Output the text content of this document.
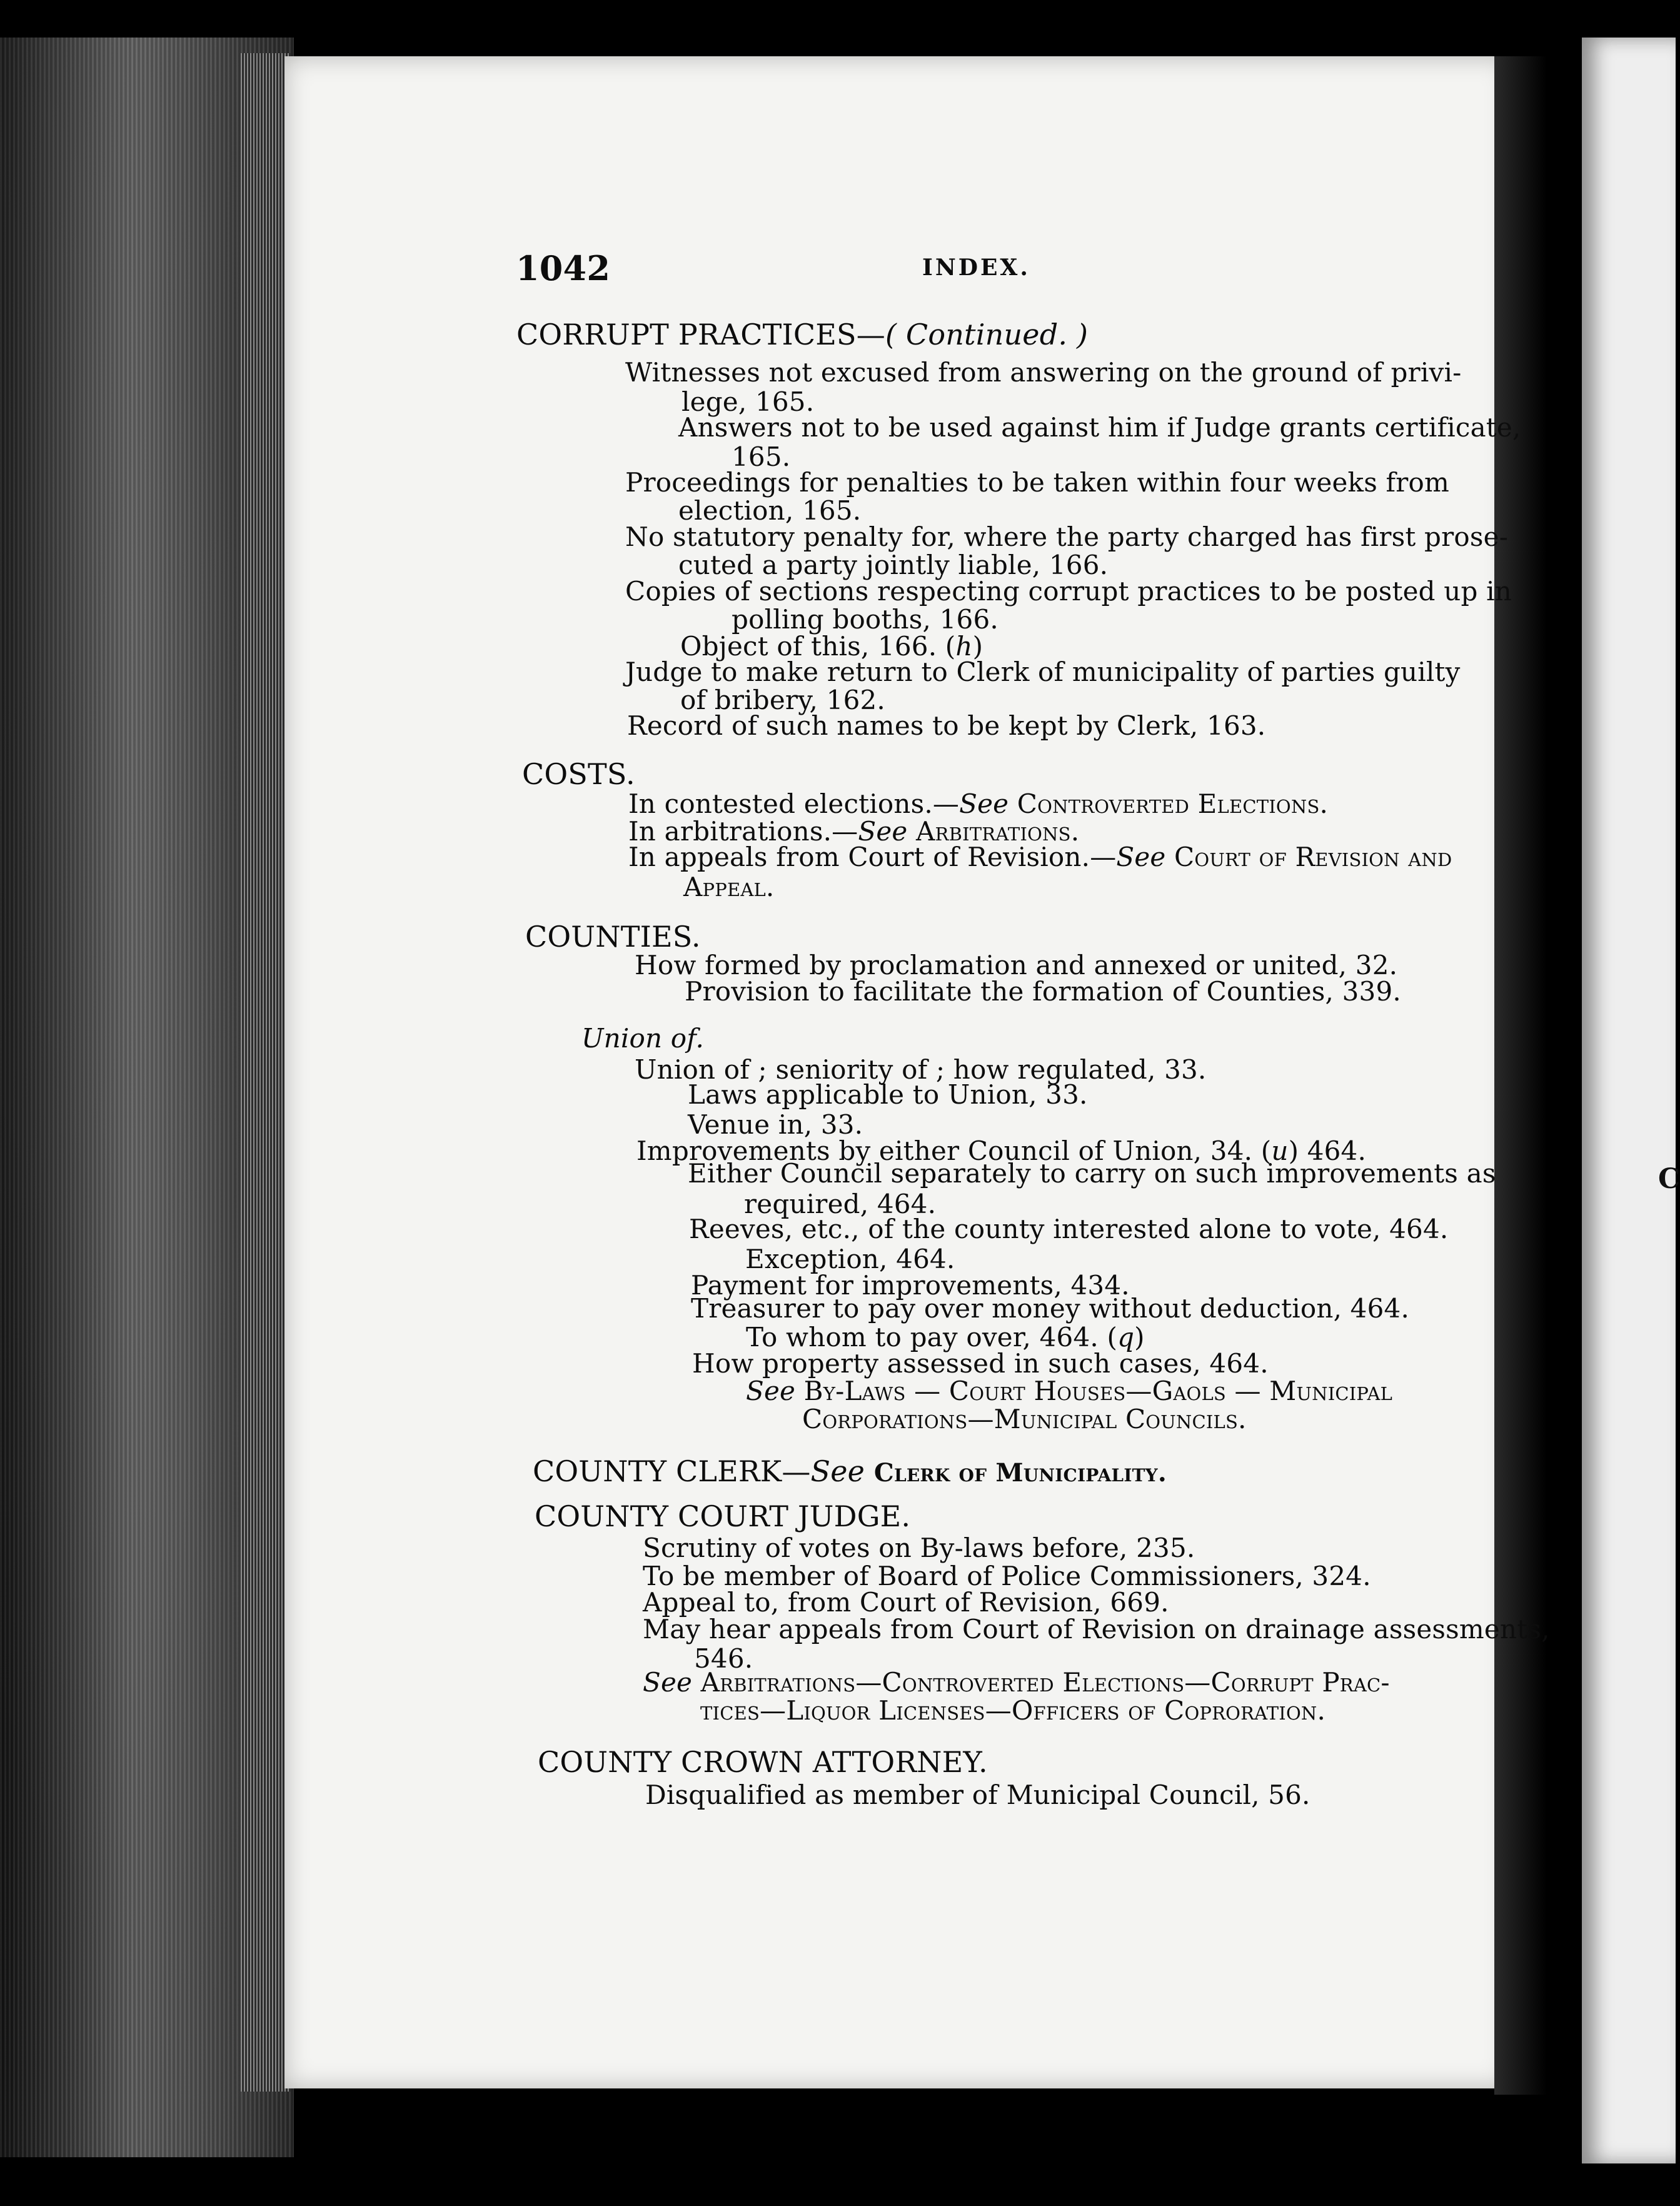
C
1042	INDEX.
CORRUPT PRACTICES—( Continued. )
Witnesses not excused from answering on the ground of privi-
lege, 165.
Answers not to be used against him if Judge grants certificate,
165.
Proceedings for penalties to be taken within four weeks from
election, 165.
No statutory penalty for, where the party charged has first prose-
cuted a party jointly liable, 166.
Copies of sections respecting corrupt practices to be posted up in
polling booths, 166.
Object of this, 166. (h)
Judge to make return to Clerk of municipality of parties guilty
of bribery, 162.
Record of such names to be kept by Clerk, 163.
COSTS.
In contested elections.—See Controverted Elections.
In arbitrations.—See Arbitrations.
In appeals from Court of Revision.—See Court of Revision and
Appeal.
COUNTIES.
How formed by proclamation and annexed or united, 32.
Provision to facilitate the formation of Counties, 339.
Union of.
Union of ; seniority of ; how regulated, 33.
Laws applicable to Union, 33.
Venue in, 33.
Improvements by either Council of Union, 34. (u) 464.
Either Council separately to carry on such improvements as
required, 464.
Reeves, etc., of the county interested alone to vote, 464.
Exception, 464.
Payment for improvements, 434.
Treasurer to pay over money without deduction, 464.
To whom to pay over, 464. (q)
How property assessed in such cases, 464.
See By-Laws — Court Houses—Gaols — Municipal
Corporations—Municipal Councils.
COUNTY CLERK—See Clerk of Municipality.
COUNTY COURT JUDGE.
Scrutiny of votes on By-laws before, 235.
To be member of Board of Police Commissioners, 324.
Appeal to, from Court of Revision, 669.
May hear appeals from Court of Revision on drainage assessments,
546.
See Arbitrations—Controverted Elections—Corrupt Prac-
tices—Liquor Licenses—Officers of Coproration.
COUNTY CROWN ATTORNEY.
Disqualified as member of Municipal Council, 56.
